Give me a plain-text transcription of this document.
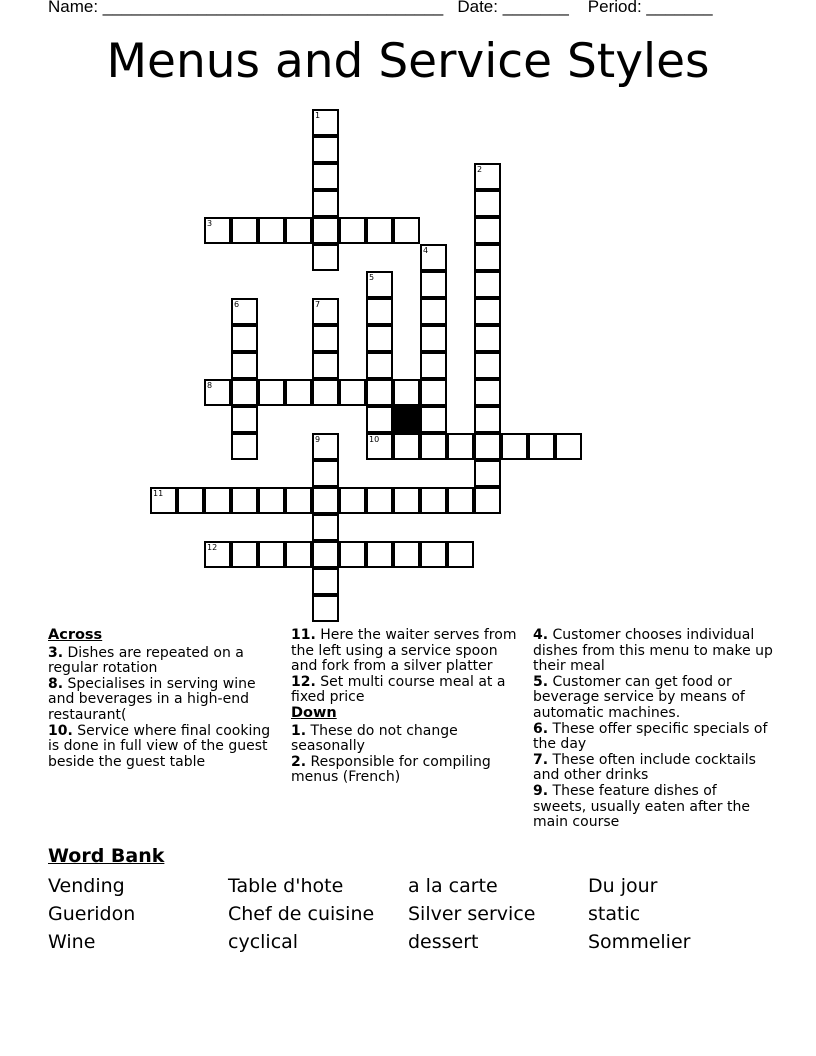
Name: ____________________________________ Date: _______ Period: _______
Menus and Service Styles
1
2
3
4
5
10
6	7
8
9
11
12
Across
3. Dishes are repeated on a regular rotation
8. Specialises in serving wine and beverages in a high-end restaurant(
10. Service where final cooking is done in full view of the guest beside the guest table
11. Here the waiter serves from the left using a service spoon and fork from a silver platter
12. Set multi course meal at a fixed price
Down
1. These do not change seasonally
2. Responsible for compiling menus (French)
4. Customer chooses individual dishes from this menu to make up their meal
5. Customer can get food or beverage service by means of automatic machines.
6. These offer specific specials of the day
7. These often include cocktails and other drinks
9. These feature dishes of sweets, usually eaten after the main course
Word Bank
Vending
Gueridon
Wine
Table d'hote
Chef de cuisine
cyclical
a la carte
Silver service
dessert
Du jour
static
Sommelier
